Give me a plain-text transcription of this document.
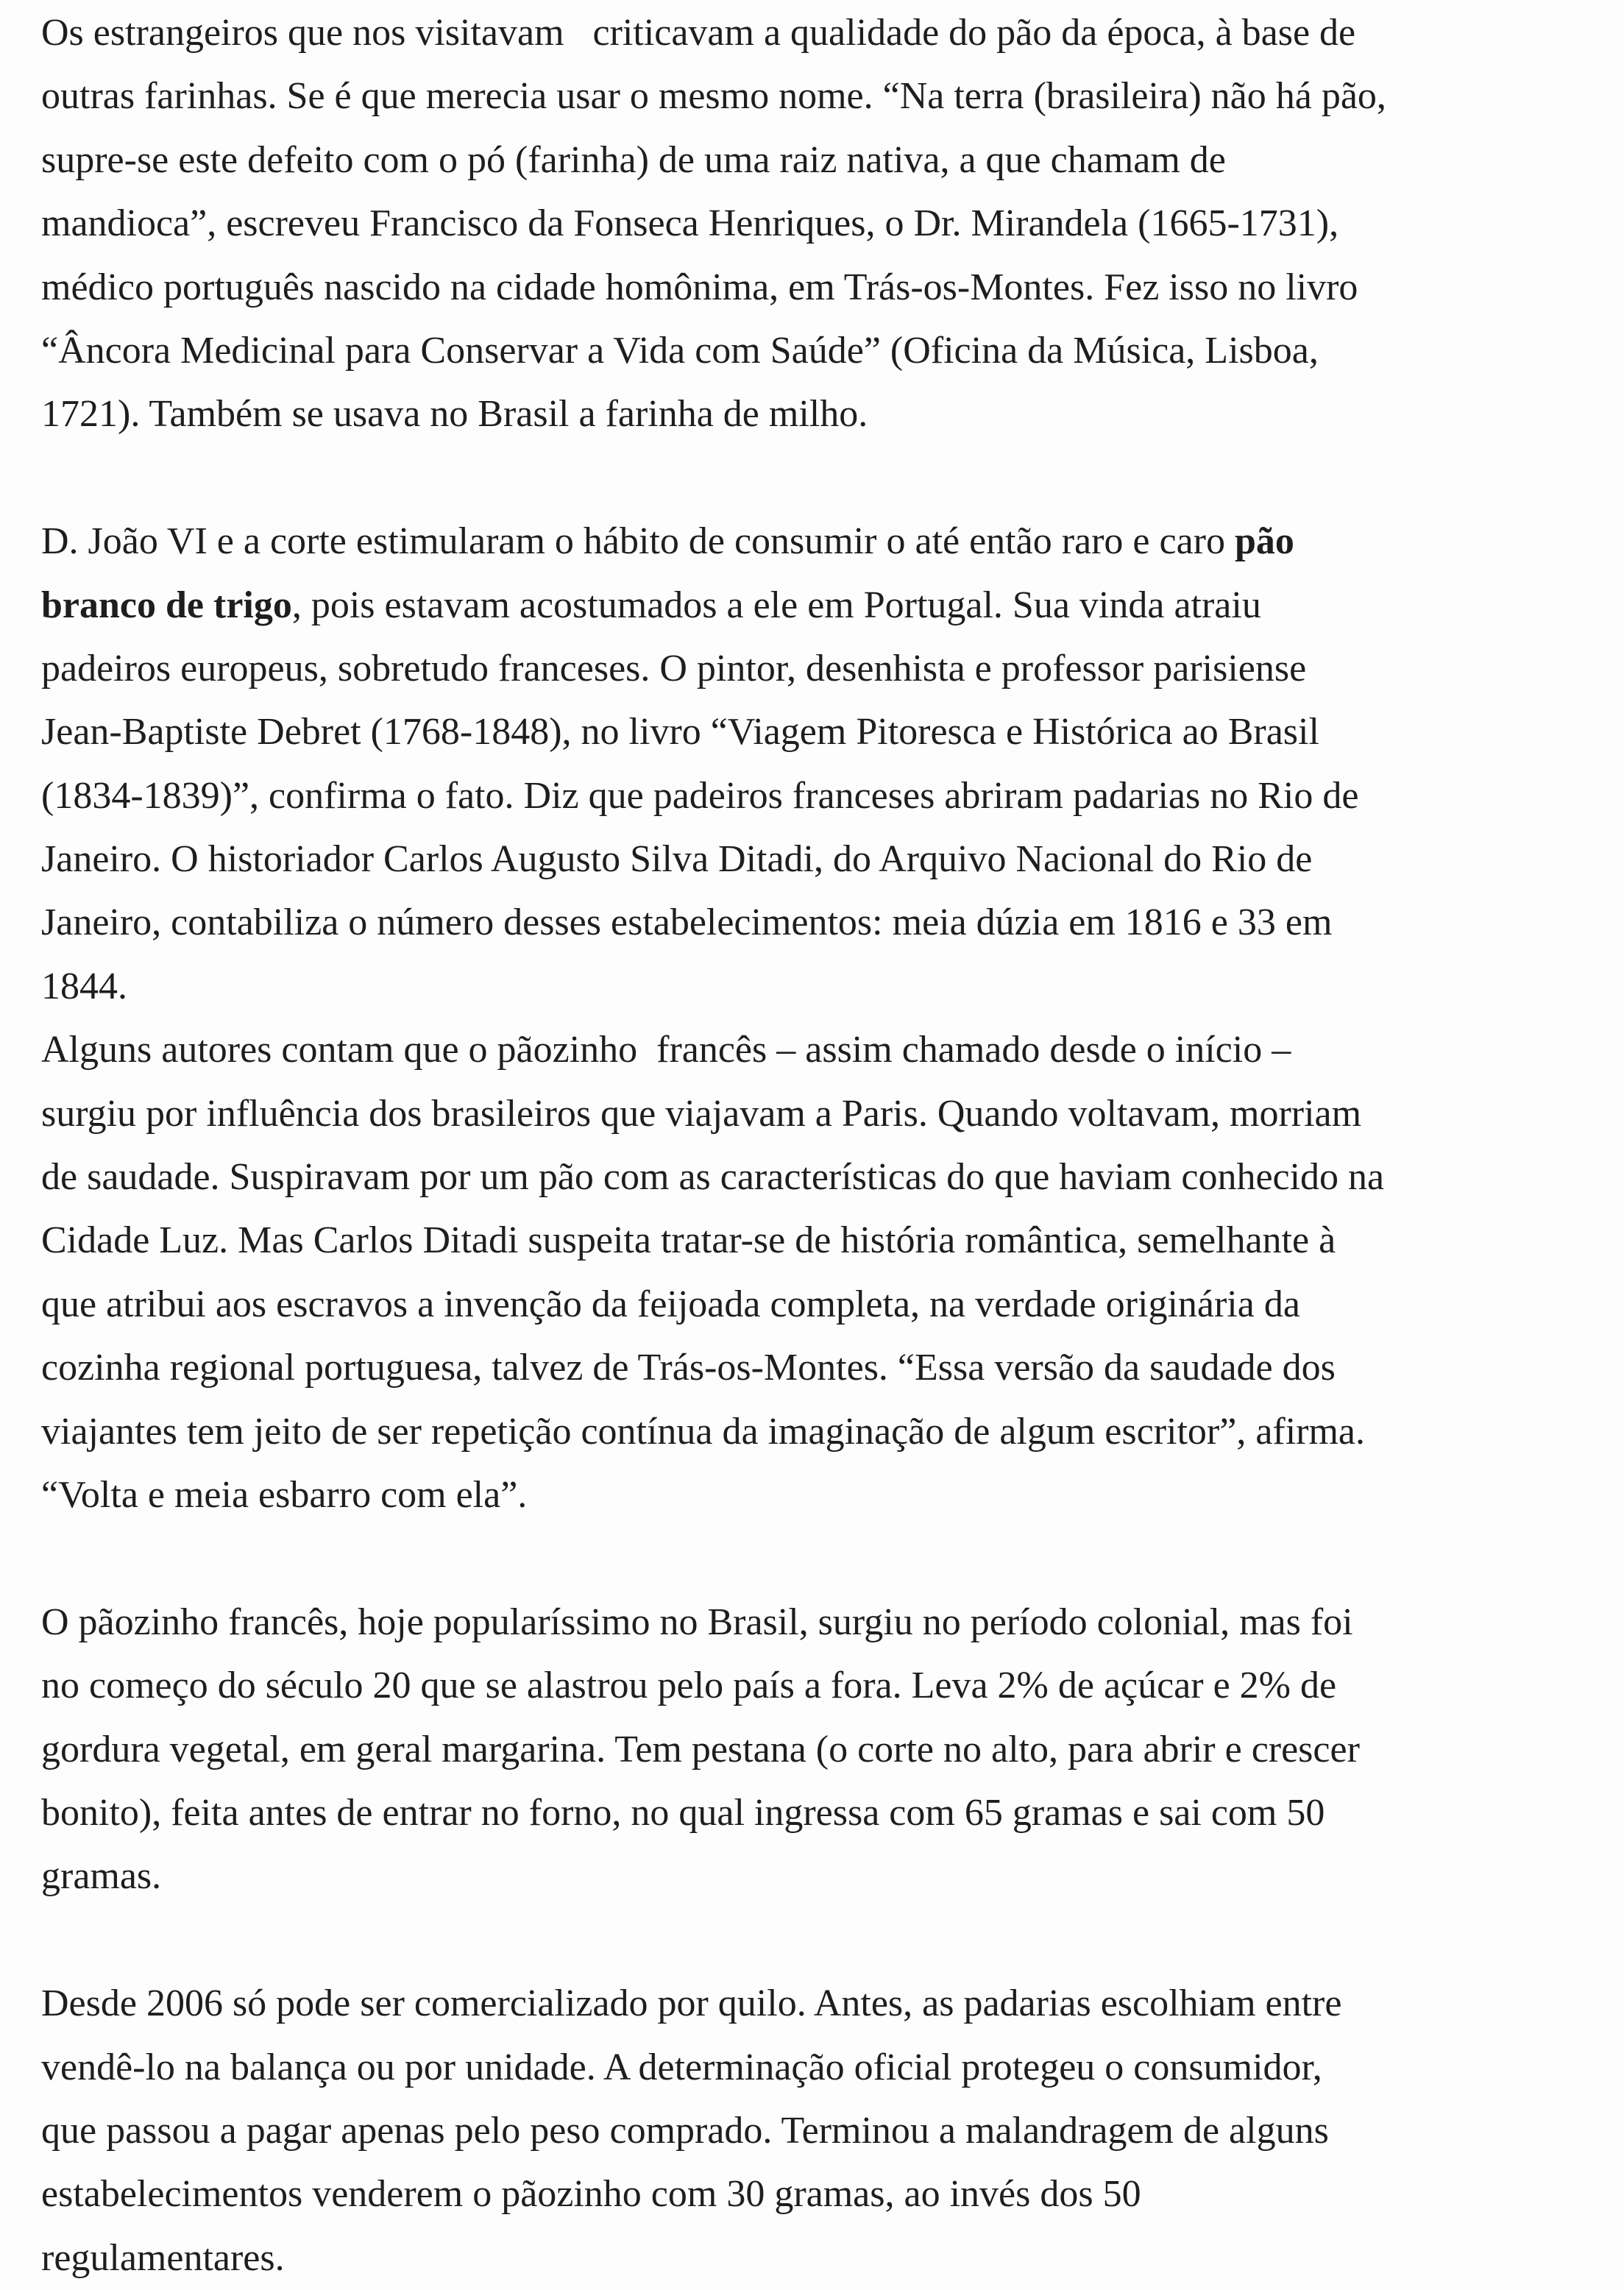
Os estrangeiros que nos visitavam   criticavam a qualidade do pão da época, à base de
outras farinhas. Se é que merecia usar o mesmo nome. “Na terra (brasileira) não há pão,
supre-se este defeito com o pó (farinha) de uma raiz nativa, a que chamam de
mandioca”, escreveu Francisco da Fonseca Henriques, o Dr. Mirandela (1665-1731),
médico português nascido na cidade homônima, em Trás-os-Montes. Fez isso no livro
“Âncora Medicinal para Conservar a Vida com Saúde” (Oficina da Música, Lisboa,
1721). Também se usava no Brasil a farinha de milho.
D. João VI e a corte estimularam o hábito de consumir o até então raro e caro pão
branco de trigo, pois estavam acostumados a ele em Portugal. Sua vinda atraiu
padeiros europeus, sobretudo franceses. O pintor, desenhista e professor parisiense
Jean-Baptiste Debret (1768-1848), no livro “Viagem Pitoresca e Histórica ao Brasil
(1834-1839)”, confirma o fato. Diz que padeiros franceses abriram padarias no Rio de
Janeiro. O historiador Carlos Augusto Silva Ditadi, do Arquivo Nacional do Rio de
Janeiro, contabiliza o número desses estabelecimentos: meia dúzia em 1816 e 33 em
1844.
Alguns autores contam que o pãozinho  francês – assim chamado desde o início –
surgiu por influência dos brasileiros que viajavam a Paris. Quando voltavam, morriam
de saudade. Suspiravam por um pão com as características do que haviam conhecido na
Cidade Luz. Mas Carlos Ditadi suspeita tratar-se de história romântica, semelhante à
que atribui aos escravos a invenção da feijoada completa, na verdade originária da
cozinha regional portuguesa, talvez de Trás-os-Montes. “Essa versão da saudade dos
viajantes tem jeito de ser repetição contínua da imaginação de algum escritor”, afirma.
“Volta e meia esbarro com ela”.
O pãozinho francês, hoje popularíssimo no Brasil, surgiu no período colonial, mas foi
no começo do século 20 que se alastrou pelo país a fora. Leva 2% de açúcar e 2% de
gordura vegetal, em geral margarina. Tem pestana (o corte no alto, para abrir e crescer
bonito), feita antes de entrar no forno, no qual ingressa com 65 gramas e sai com 50
gramas.
Desde 2006 só pode ser comercializado por quilo. Antes, as padarias escolhiam entre
vendê-lo na balança ou por unidade. A determinação oficial protegeu o consumidor,
que passou a pagar apenas pelo peso comprado. Terminou a malandragem de alguns
estabelecimentos venderem o pãozinho com 30 gramas, ao invés dos 50
regulamentares.
